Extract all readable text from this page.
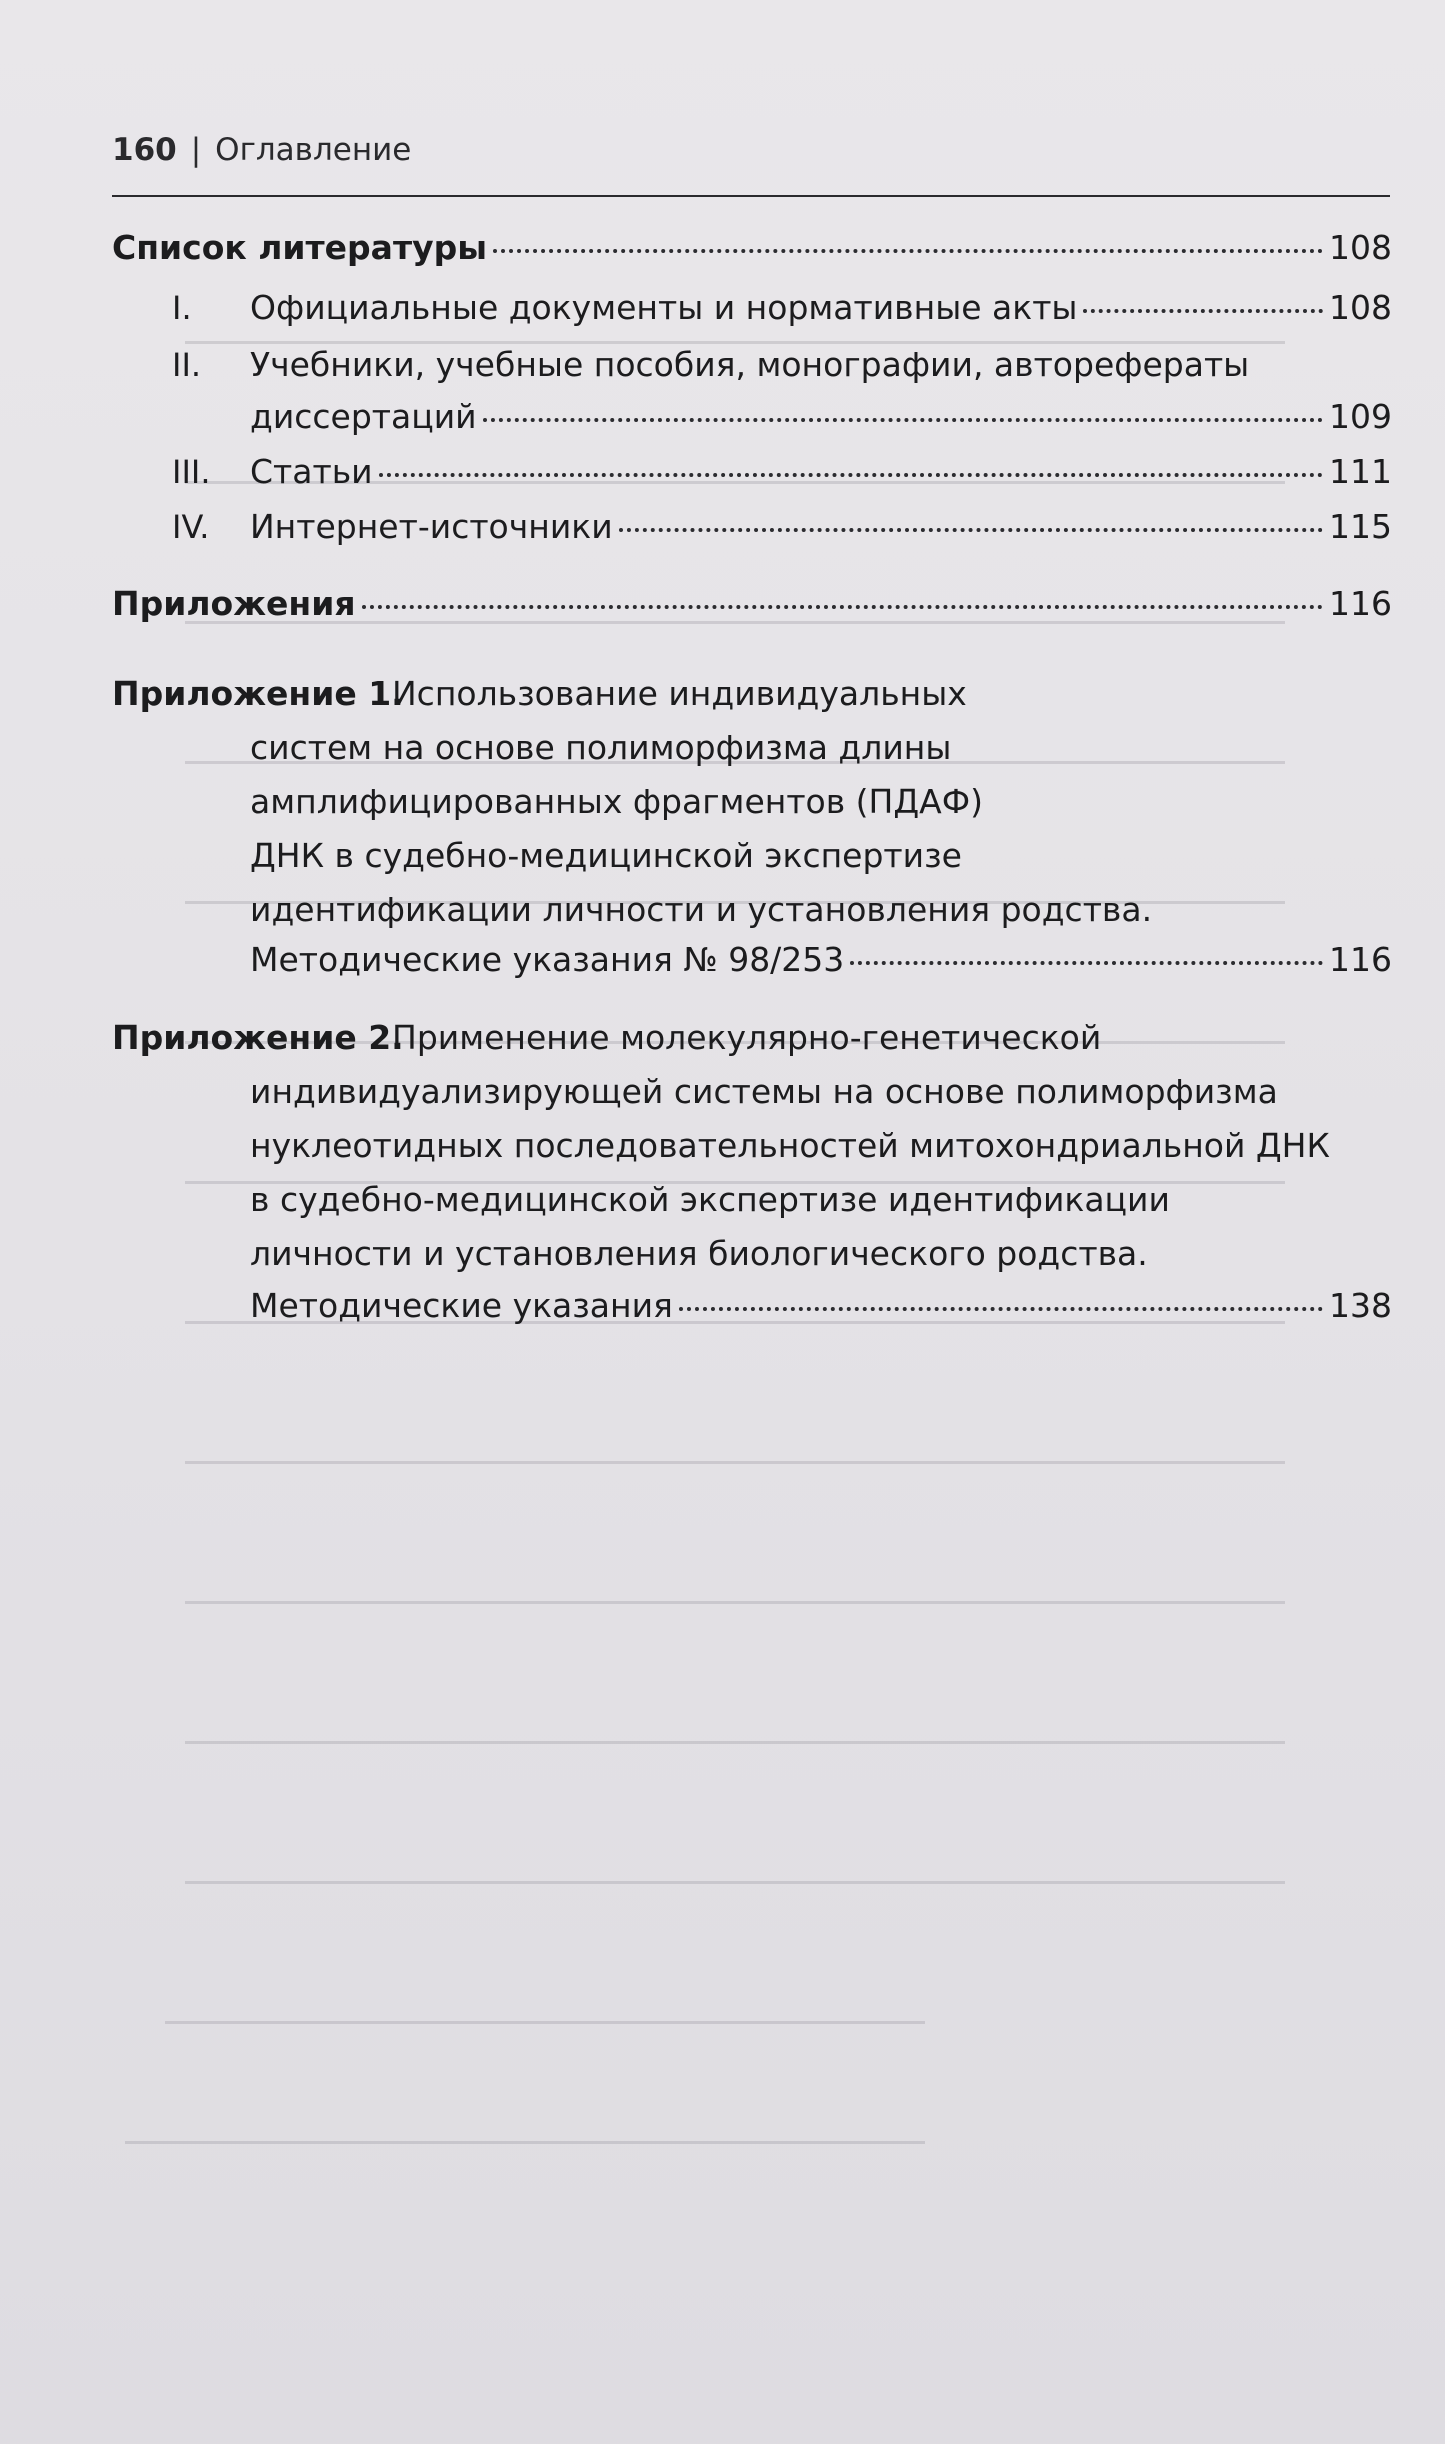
160 | Оглавление
Список литературы	108
I. Официальные документы и нормативные акты	108
II. Учебники, учебные пособия, монографии, авторефераты
диссертаций	109
III. Статьи	111
IV. Интернет-источники	115
Приложения	116
Приложение 1.
Использование индивидуальных
систем на основе полиморфизма длины
амплифицированных фрагментов (ПДАФ)
ДНК в судебно-медицинской экспертизе
идентификации личности и установления родства.
Методические указания № 98/253	116
Приложение 2.
Применение молекулярно-генетической
индивидуализирующей системы на основе полиморфизма
нуклеотидных последовательностей митохондриальной ДНК
в судебно-медицинской экспертизе идентификации
личности и установления биологического родства.
Методические указания	138
